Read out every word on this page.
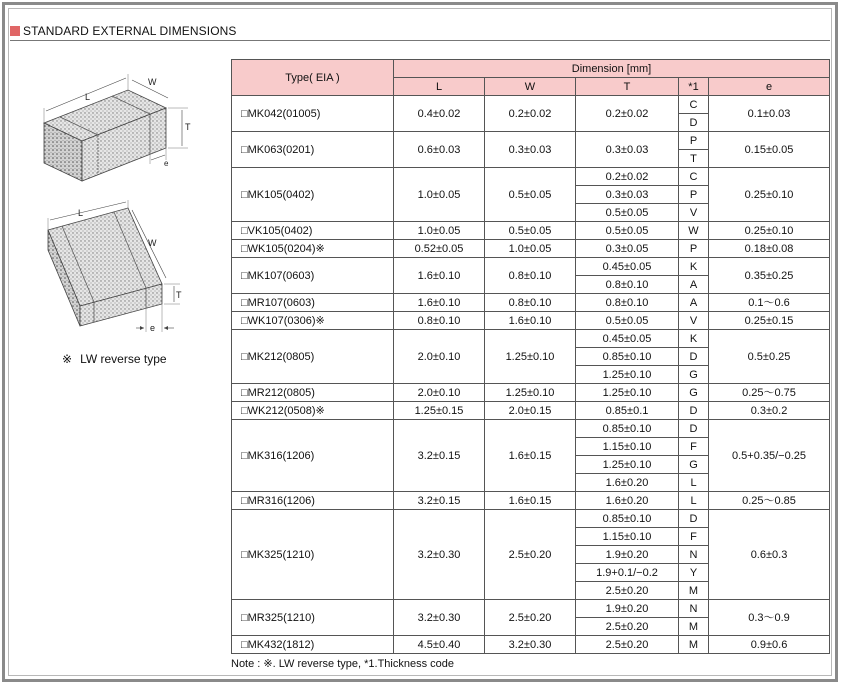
STANDARD EXTERNAL DIMENSIONS
L
W
T
e
L
W
T
e
※ LW reverse type
Type( EIA )	Dimension [mm]				
	L	W	T	*1	e
□MK042(01005)	0.4±0.02	0.2±0.02	0.2±0.02	C	0.1±0.03
				D	
□MK063(0201)	0.6±0.03	0.3±0.03	0.3±0.03	P	0.15±0.05
				T	
□MK105(0402)	1.0±0.05	0.5±0.05	0.2±0.02	C	0.25±0.10
			0.3±0.03	P	
			0.5±0.05	V	
□VK105(0402)	1.0±0.05	0.5±0.05	0.5±0.05	W	0.25±0.10
□WK105(0204)※	0.52±0.05	1.0±0.05	0.3±0.05	P	0.18±0.08
□MK107(0603)	1.6±0.10	0.8±0.10	0.45±0.05	K	0.35±0.25
			0.8±0.10	A	
□MR107(0603)	1.6±0.10	0.8±0.10	0.8±0.10	A	0.1～0.6
□WK107(0306)※	0.8±0.10	1.6±0.10	0.5±0.05	V	0.25±0.15
□MK212(0805)	2.0±0.10	1.25±0.10	0.45±0.05	K	0.5±0.25
			0.85±0.10	D	
			1.25±0.10	G	
□MR212(0805)	2.0±0.10	1.25±0.10	1.25±0.10	G	0.25～0.75
□WK212(0508)※	1.25±0.15	2.0±0.15	0.85±0.1	D	0.3±0.2
□MK316(1206)	3.2±0.15	1.6±0.15	0.85±0.10	D	0.5+0.35/−0.25
			1.15±0.10	F	
			1.25±0.10	G	
			1.6±0.20	L	
□MR316(1206)	3.2±0.15	1.6±0.15	1.6±0.20	L	0.25～0.85
□MK325(1210)	3.2±0.30	2.5±0.20	0.85±0.10	D	0.6±0.3
			1.15±0.10	F	
			1.9±0.20	N	
			1.9+0.1/−0.2	Y	
			2.5±0.20	M	
□MR325(1210)	3.2±0.30	2.5±0.20	1.9±0.20	N	0.3～0.9
			2.5±0.20	M	
□MK432(1812)	4.5±0.40	3.2±0.30	2.5±0.20	M	0.9±0.6
Note : ※. LW reverse type, *1.Thickness code
